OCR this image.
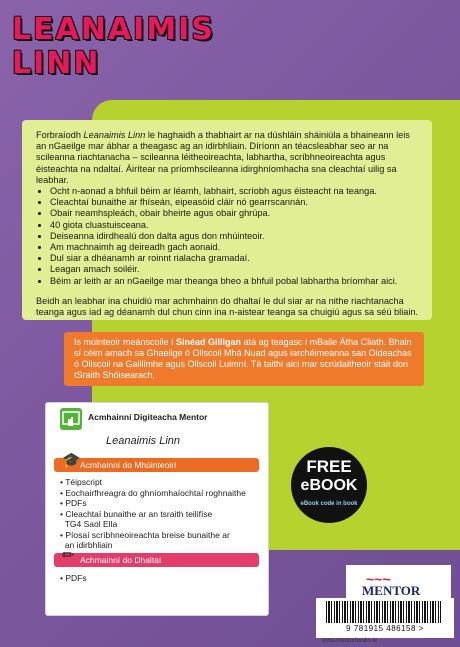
LEANAIMIS
LINN

Forbraíodh Leanaimis Linn le haghaidh a thabhairt ar na dúshláin sháiniúla a bhaineann leis an nGaeilge mar ábhar a theagasc ag an idirbhliain. Díríonn an téacsleabhar seo ar na scileanna riachtanacha – scileanna léitheoireachta, labhartha, scríbhneoireachta agus éisteachta na ndaltaí. Áirítear na príomhscileanna idirghníomhacha sna cleachtaí uilig sa leabhar.

• Ocht n-aonad a bhfuil béim ar léamh, labhairt, scríobh agus éisteacht na teanga.
• Cleachtaí bunaithe ar fhíseán, eipeasóid cláir nó gearrscannán.
• Obair neamhspleách, obair bheirte agus obair ghrúpa.
• 40 giota cluastuisceana.
• Deiseanna idirdhealú don dalta agus don mhúinteoir.
• Am machnaimh ag deireadh gach aonaid.
• Dul siar a dhéanamh ar roinnt rialacha gramadaí.
• Leagan amach soiléir.
• Béim ar leith ar an nGaeilge mar theanga bheo a bhfuil pobal labhartha bríomhar aici.
Beidh an leabhar ina chuidiú mar achmhainn do dhaltaí le dul siar ar na nithe riachtanacha teanga agus iad ag déanamh dul chun cinn ina n-aistear teanga sa chuigiú agus sa séú bliain.
Is múinteoir meánscoile í Sinéad Gilligan atá ag teagasc i mBaile Átha Cliath. Bhain sí céim amach sa Ghaeilge ó Ollscoil Mhá Nuad agus iarchéimeanna san Oideachas ó Ollscoil na Gaillimhe agus Ollscoil Luimní. Tá taithí aici mar scrúdaitheoir stáit don tSraith Shóisearach.
Acmhainní Digiteacha Mentor
Leanaimis Linn
🎓 Acmhainní do Mhúinteoirí
• Téipscript
• Eochairfhreagra do ghníomhaíochtaí roghnaithe
• PDFs
• Cleachtaí bunaithe ar an tsraith teilifíse
TG4 Saol Ella
• Píosaí scríbhneoireachta breise bunaithe ar
an idirbhliain
✏ Achmainní do Dhaltaí
• PDFs
FREE
eBOOK
eBook code in book
~~~
MENTOR
9 781915 486158 >
www.mentorbooks.ie
